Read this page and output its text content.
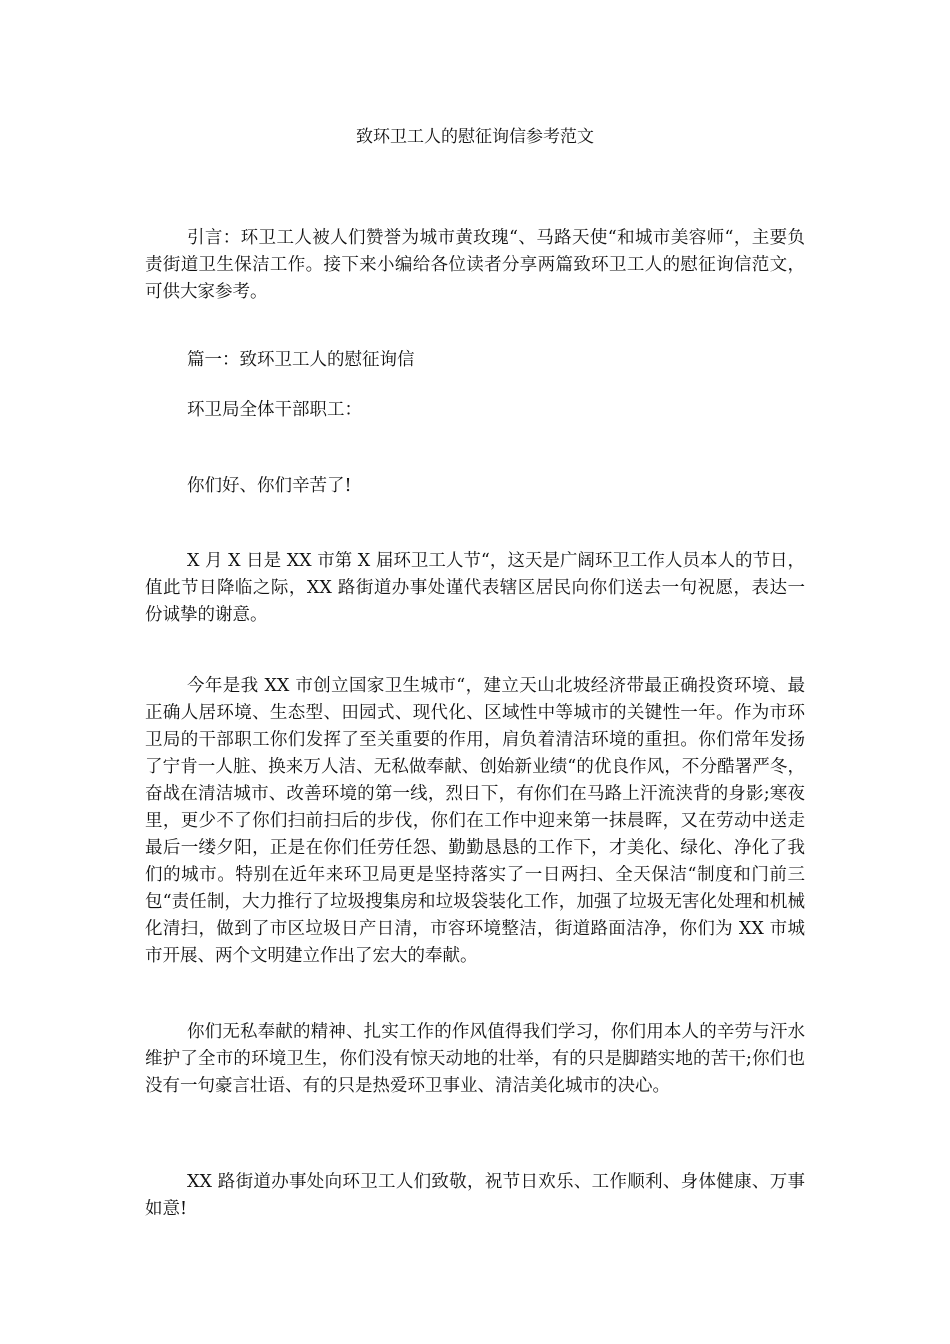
致环卫工人的慰征询信参考范文

引言：环卫工人被人们赞誉为城市黄玫瑰“、马路天使“和城市美容师“，主要负责街道卫生保洁工作。接下来小编给各位读者分享两篇致环卫工人的慰征询信范文，可供大家参考。

篇一：致环卫工人的慰征询信

环卫局全体干部职工：

你们好、你们辛苦了!

X 月 X 日是 XX 市第 X 届环卫工人节“，这天是广阔环卫工作人员本人的节日，值此节日降临之际，XX 路街道办事处谨代表辖区居民向你们送去一句祝愿，表达一份诚挚的谢意。

今年是我 XX 市创立国家卫生城市“，建立天山北坡经济带最正确投资环境、最正确人居环境、生态型、田园式、现代化、区域性中等城市的关键性一年。作为市环卫局的干部职工你们发挥了至关重要的作用，肩负着清洁环境的重担。你们常年发扬了宁肯一人脏、换来万人洁、无私做奉献、创始新业绩“的优良作风，不分酷署严冬，奋战在清洁城市、改善环境的第一线，烈日下，有你们在马路上汗流浃背的身影;寒夜里，更少不了你们扫前扫后的步伐，你们在工作中迎来第一抹晨晖，又在劳动中送走最后一缕夕阳，正是在你们任劳任怨、勤勤恳恳的工作下，才美化、绿化、净化了我们的城市。特别在近年来环卫局更是坚持落实了一日两扫、全天保洁“制度和门前三包“责任制，大力推行了垃圾搜集房和垃圾袋装化工作，加强了垃圾无害化处理和机械化清扫，做到了市区垃圾日产日清，市容环境整洁，街道路面洁净，你们为 XX 市城市开展、两个文明建立作出了宏大的奉献。

你们无私奉献的精神、扎实工作的作风值得我们学习，你们用本人的辛劳与汗水维护了全市的环境卫生，你们没有惊天动地的壮举，有的只是脚踏实地的苦干;你们也没有一句豪言壮语、有的只是热爱环卫事业、清洁美化城市的决心。

XX 路街道办事处向环卫工人们致敬，祝节日欢乐、工作顺利、身体健康、万事如意!
